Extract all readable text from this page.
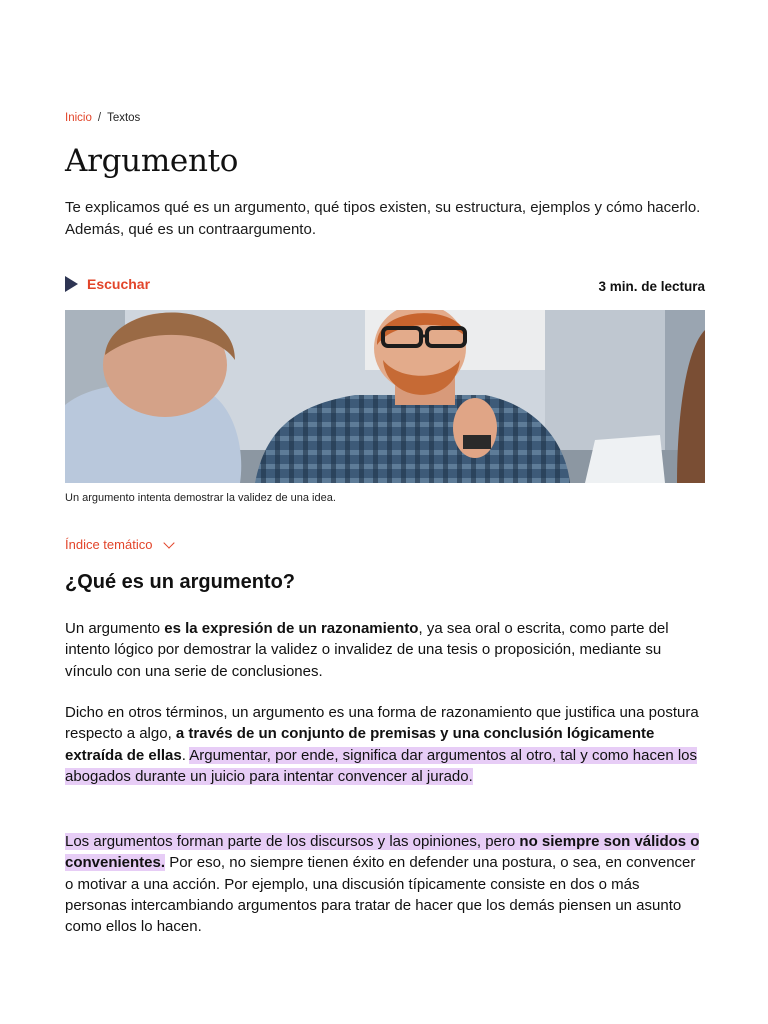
Inicio / Textos
Argumento

Te explicamos qué es un argumento, qué tipos existen, su estructura, ejemplos y cómo hacerlo. Además, qué es un contraargumento.

Escuchar	3 min. de lectura

Un argumento intenta demostrar la validez de una idea.

Índice temático
¿Qué es un argumento?

Un argumento es la expresión de un razonamiento, ya sea oral o escrita, como parte del intento lógico por demostrar la validez o invalidez de una tesis o proposición, mediante su vínculo con una serie de conclusiones.

Dicho en otros términos, un argumento es una forma de razonamiento que justifica una postura respecto a algo, a través de un conjunto de premisas y una conclusión lógicamente extraída de ellas. Argumentar, por ende, significa dar argumentos al otro, tal y como hacen los abogados durante un juicio para intentar convencer al jurado.

Los argumentos forman parte de los discursos y las opiniones, pero no siempre son válidos o convenientes. Por eso, no siempre tienen éxito en defender una postura, o sea, en convencer o motivar a una acción. Por ejemplo, una discusión típicamente consiste en dos o más personas intercambiando argumentos para tratar de hacer que los demás piensen un asunto como ellos lo hacen.
